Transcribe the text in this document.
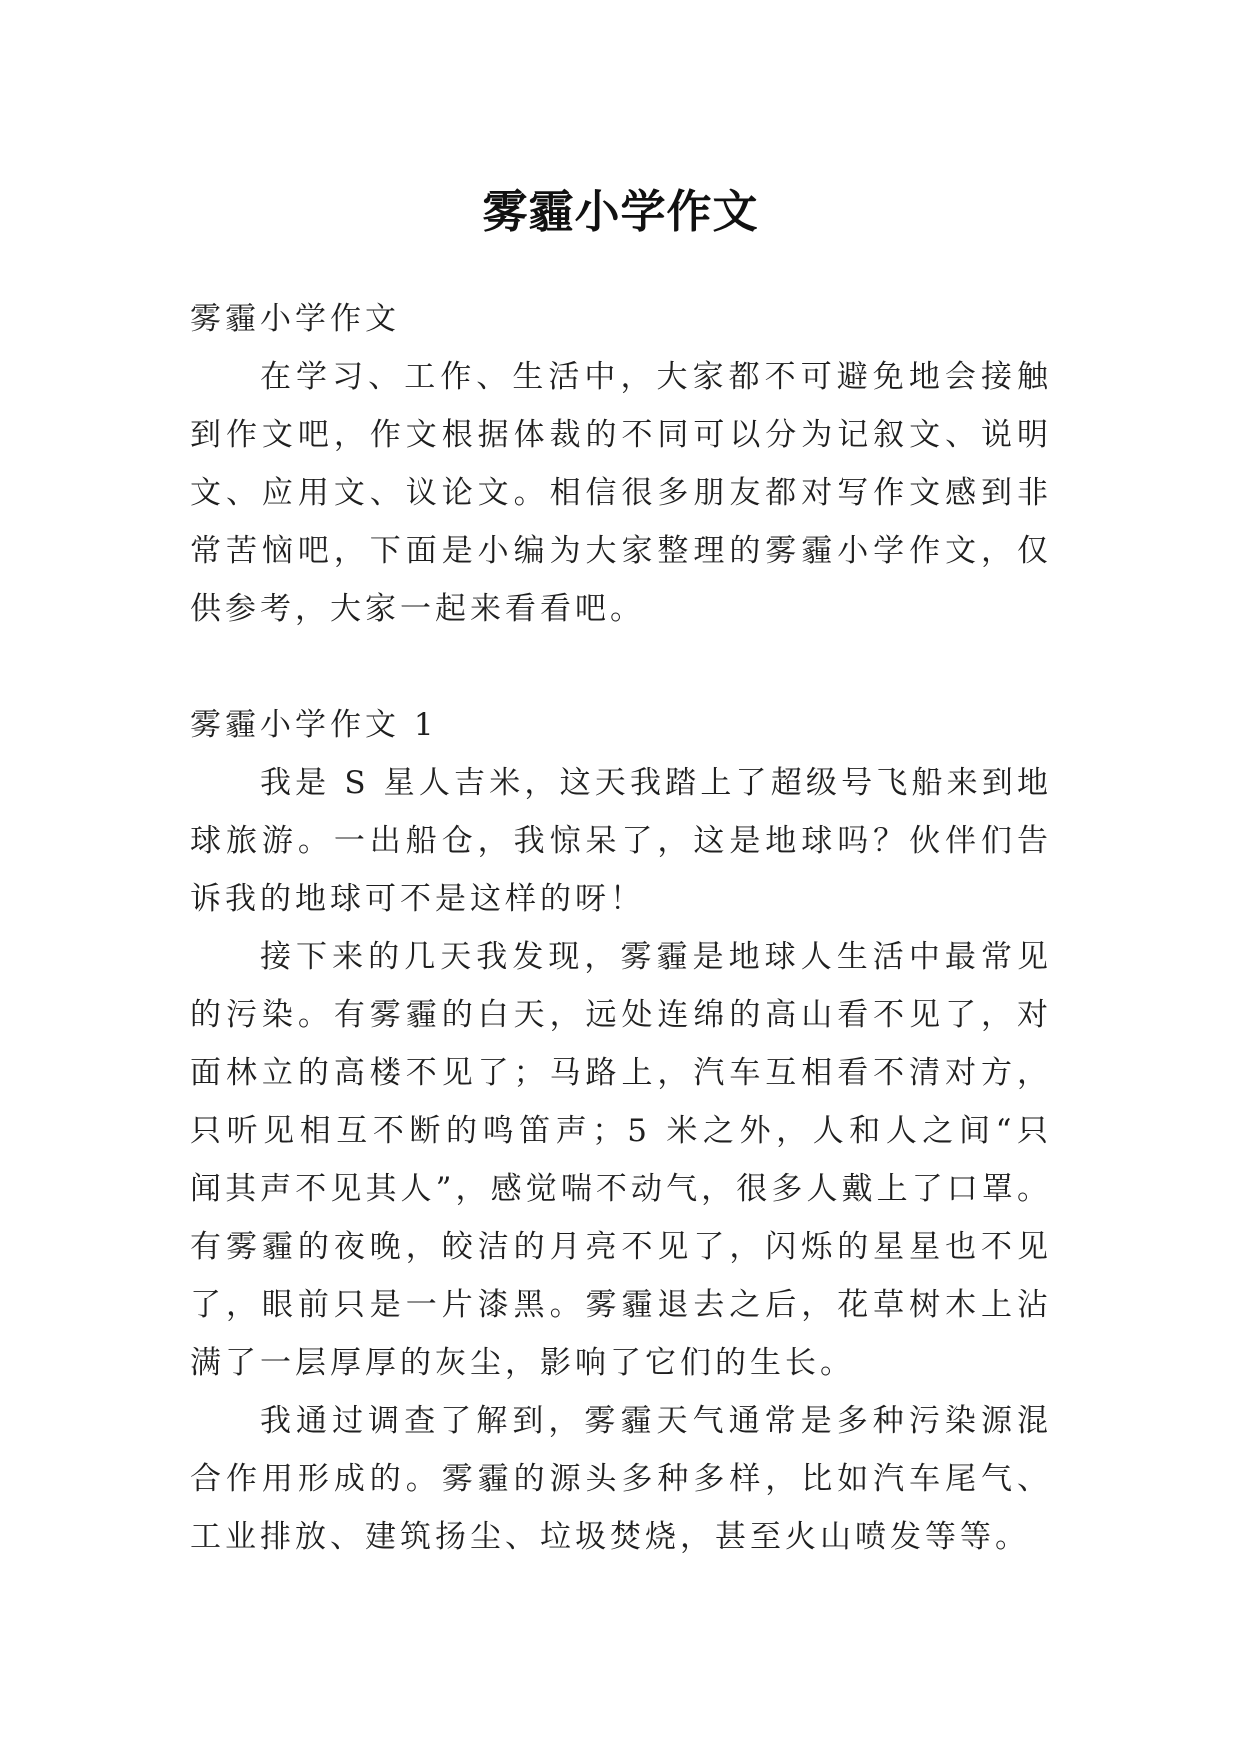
雾霾小学作文

雾霾小学作文

在学习、工作、生活中，大家都不可避免地会接触到作文吧，作文根据体裁的不同可以分为记叙文、说明文、应用文、议论文。相信很多朋友都对写作文感到非常苦恼吧，下面是小编为大家整理的雾霾小学作文，仅供参考，大家一起来看看吧。

雾霾小学作文 1

我是 S 星人吉米，这天我踏上了超级号飞船来到地球旅游。一出船仓，我惊呆了，这是地球吗？伙伴们告诉我的地球可不是这样的呀！

接下来的几天我发现，雾霾是地球人生活中最常见的污染。有雾霾的白天，远处连绵的高山看不见了，对面林立的高楼不见了；马路上，汽车互相看不清对方，只听见相互不断的鸣笛声；5 米之外，人和人之间“只闻其声不见其人”，感觉喘不动气，很多人戴上了口罩。有雾霾的夜晚，皎洁的月亮不见了，闪烁的星星也不见了，眼前只是一片漆黑。雾霾退去之后，花草树木上沾满了一层厚厚的灰尘，影响了它们的生长。

我通过调查了解到，雾霾天气通常是多种污染源混合作用形成的。雾霾的源头多种多样，比如汽车尾气、工业排放、建筑扬尘、垃圾焚烧，甚至火山喷发等等。
